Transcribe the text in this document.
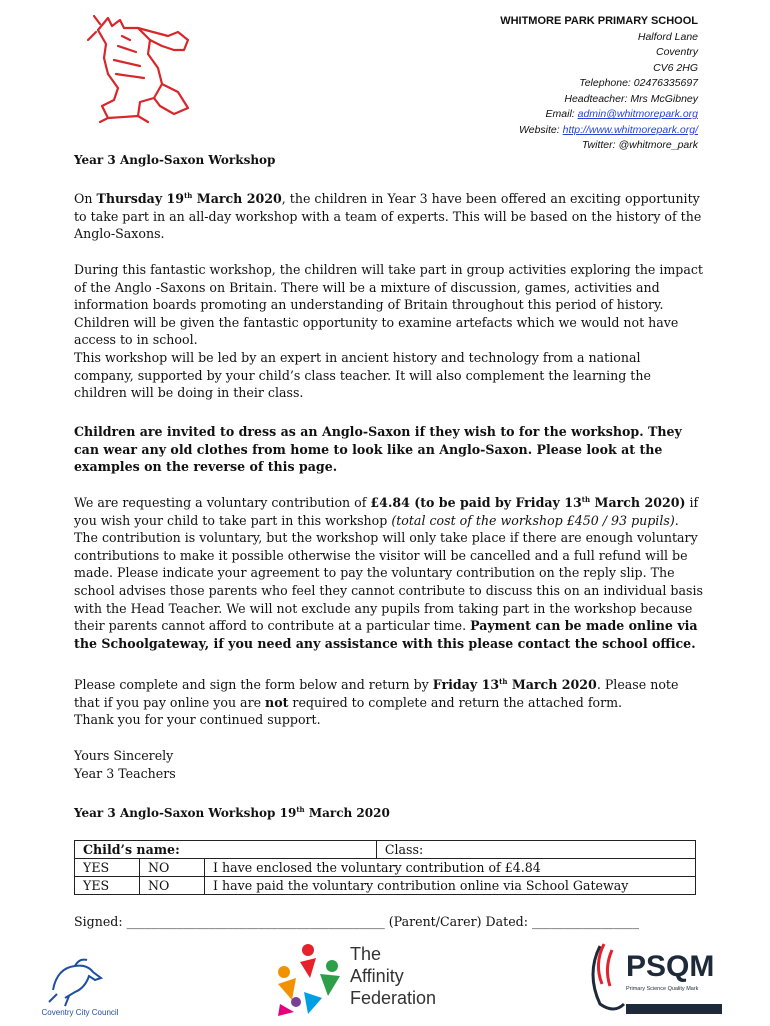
WHITMORE PARK PRIMARY SCHOOL
Halford Lane
Coventry
CV6 2HG
Telephone: 02476335697
Headteacher: Mrs McGibney
Email: admin@whitmorepark.org
Website: http://www.whitmorepark.org/
Twitter: @whitmore_park
Year 3 Anglo-Saxon Workshop

On Thursday 19th March 2020, the children in Year 3 have been offered an exciting opportunity to take part in an all-day workshop with a team of experts. This will be based on the history of the Anglo-Saxons.

During this fantastic workshop, the children will take part in group activities exploring the impact of the Anglo -Saxons on Britain. There will be a mixture of discussion, games, activities and information boards promoting an understanding of Britain throughout this period of history. Children will be given the fantastic opportunity to examine artefacts which we would not have access to in school.

This workshop will be led by an expert in ancient history and technology from a national company, supported by your child’s class teacher. It will also complement the learning the children will be doing in their class.

Children are invited to dress as an Anglo-Saxon if they wish to for the workshop. They can wear any old clothes from home to look like an Anglo-Saxon. Please look at the examples on the reverse of this page.

We are requesting a voluntary contribution of £4.84 (to be paid by Friday 13th March 2020) if you wish your child to take part in this workshop (total cost of the workshop £450 / 93 pupils). The contribution is voluntary, but the workshop will only take place if there are enough voluntary contributions to make it possible otherwise the visitor will be cancelled and a full refund will be made. Please indicate your agreement to pay the voluntary contribution on the reply slip. The school advises those parents who feel they cannot contribute to discuss this on an individual basis with the Head Teacher. We will not exclude any pupils from taking part in the workshop because their parents cannot afford to contribute at a particular time. Payment can be made online via the Schoolgateway, if you need any assistance with this please contact the school office.

Please complete and sign the form below and return by Friday 13th March 2020. Please note that if you pay online you are not required to complete and return the attached form.

Thank you for your continued support.

Yours Sincerely

Year 3 Teachers

Year 3 Anglo-Saxon Workshop 19th March 2020
Child’s name:			Class:
YES	NO	I have enclosed the voluntary contribution of £4.84	
YES	NO	I have paid the voluntary contribution online via School Gateway	
Signed: _________________________________________ (Parent/Carer) Dated: _________________
Coventry City Council
The
Affinity
Federation
PSQM
Primary Science Quality Mark
